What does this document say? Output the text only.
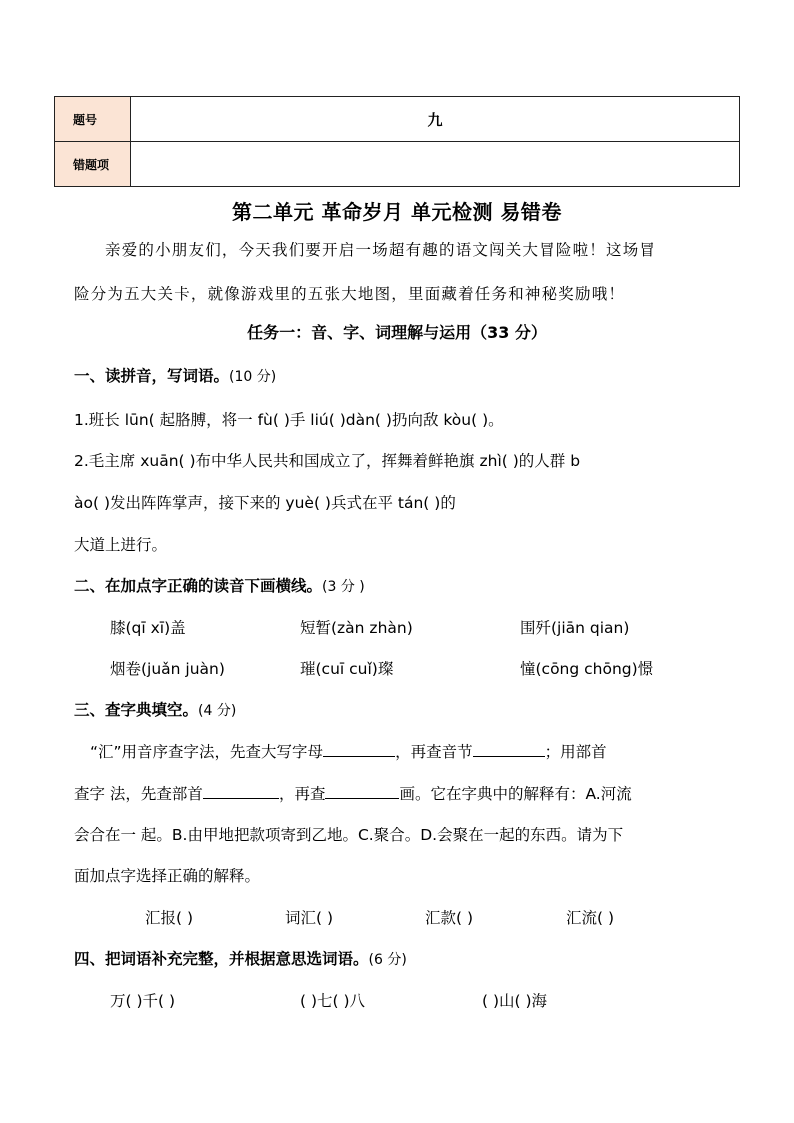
题号	九
错题项	
第二单元 革命岁月 单元检测 易错卷
亲爱的小朋友们，今天我们要开启一场超有趣的语文闯关大冒险啦！这场冒
险分为五大关卡，就像游戏里的五张大地图，里面藏着任务和神秘奖励哦！
任务一：音、字、词理解与运用（33 分）
一、读拼音，写词语。(10 分)
1.班长 lūn( 起胳膊，将一 fù( )手 liú( )dàn( )扔向敌 kòu( )。
2.毛主席 xuān( )布中华人民共和国成立了，挥舞着鲜艳旗 zhì( )的人群 b
ào( )发出阵阵掌声，接下来的 yuè( )兵式在平 tán( )的
大道上进行。
二、在加点字正确的读音下画横线。(3 分 )
膝(qī xī)盖	短暂(zàn zhàn)	围歼(jiān qian)
烟卷(juǎn juàn)	璀(cuī cuǐ)璨	憧(cōng chōng)憬
三、查字典填空。(4 分)
“汇”用音序查字法，先查大写字母	，再查音节	；用部首
查字 法，先查部首	，再查	画。它在字典中的解释有：A.河流
会合在一 起。B.由甲地把款项寄到乙地。C.聚合。D.会聚在一起的东西。请为下
面加点字选择正确的解释。
汇报( )	词汇( )	汇款( )	汇流( )
四、把词语补充完整，并根据意思选词语。(6 分)
万( )千( )	( )七( )八	( )山( )海
